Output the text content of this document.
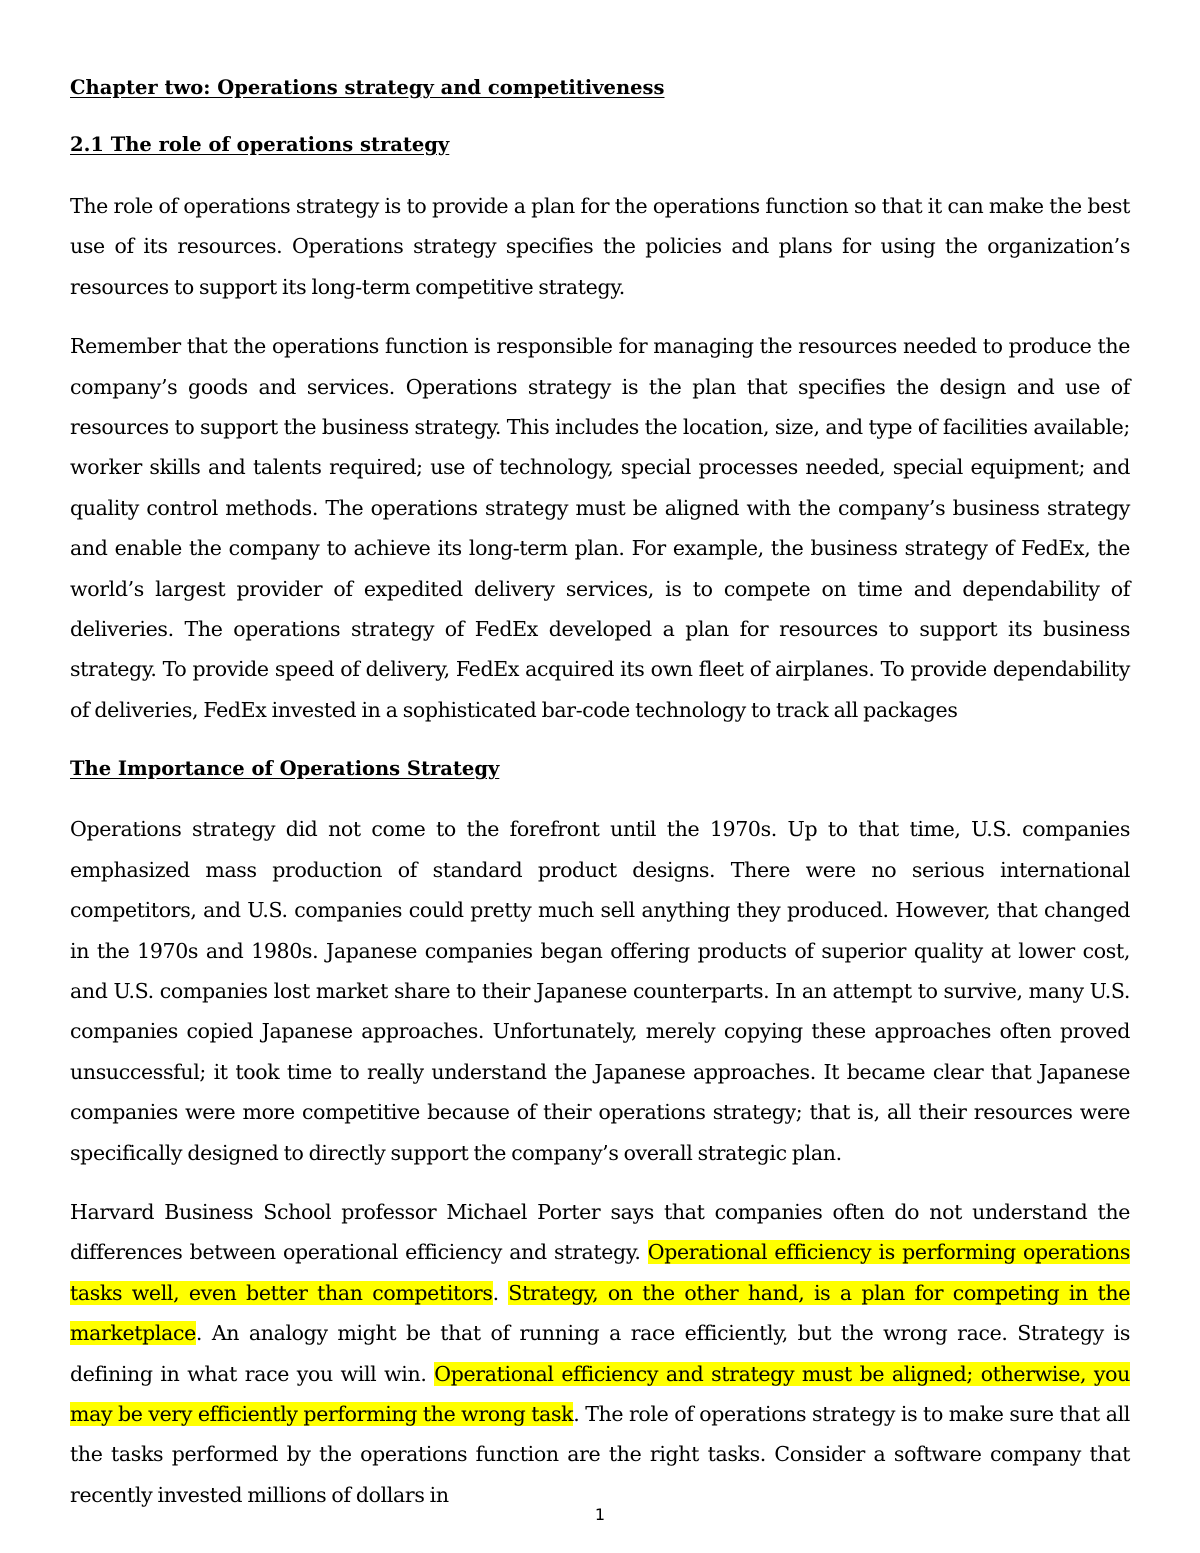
Chapter two: Operations strategy and competitiveness
2.1 The role of operations strategy

The role of operations strategy is to provide a plan for the operations function so that it can make the best use of its resources. Operations strategy specifies the policies and plans for using the organization’s resources to support its long-term competitive strategy.

Remember that the operations function is responsible for managing the resources needed to produce the company’s goods and services. Operations strategy is the plan that specifies the design and use of resources to support the business strategy. This includes the location, size, and type of facilities available; worker skills and talents required; use of technology, special processes needed, special equipment; and quality control methods. The operations strategy must be aligned with the company’s business strategy and enable the company to achieve its long-term plan. For example, the business strategy of FedEx, the world’s largest provider of expedited delivery services, is to compete on time and dependability of deliveries. The operations strategy of FedEx developed a plan for resources to support its business strategy. To provide speed of delivery, FedEx acquired its own fleet of airplanes. To provide dependability of deliveries, FedEx invested in a sophisticated bar-code technology to track all packages

The Importance of Operations Strategy

Operations strategy did not come to the forefront until the 1970s. Up to that time, U.S. companies emphasized mass production of standard product designs. There were no serious international competitors, and U.S. companies could pretty much sell anything they produced. However, that changed in the 1970s and 1980s. Japanese companies began offering products of superior quality at lower cost, and U.S. companies lost market share to their Japanese counterparts. In an attempt to survive, many U.S. companies copied Japanese approaches. Unfortunately, merely copying these approaches often proved unsuccessful; it took time to really understand the Japanese approaches. It became clear that Japanese companies were more competitive because of their operations strategy; that is, all their resources were specifically designed to directly support the company’s overall strategic plan.

Harvard Business School professor Michael Porter says that companies often do not understand the differences between operational efficiency and strategy. Operational efficiency is performing operations tasks well, even better than competitors. Strategy, on the other hand, is a plan for competing in the marketplace. An analogy might be that of running a race efficiently, but the wrong race. Strategy is defining in what race you will win. Operational efficiency and strategy must be aligned; otherwise, you may be very efficiently performing the wrong task. The role of operations strategy is to make sure that all the tasks performed by the operations function are the right tasks. Consider a software company that recently invested millions of dollars in

1
